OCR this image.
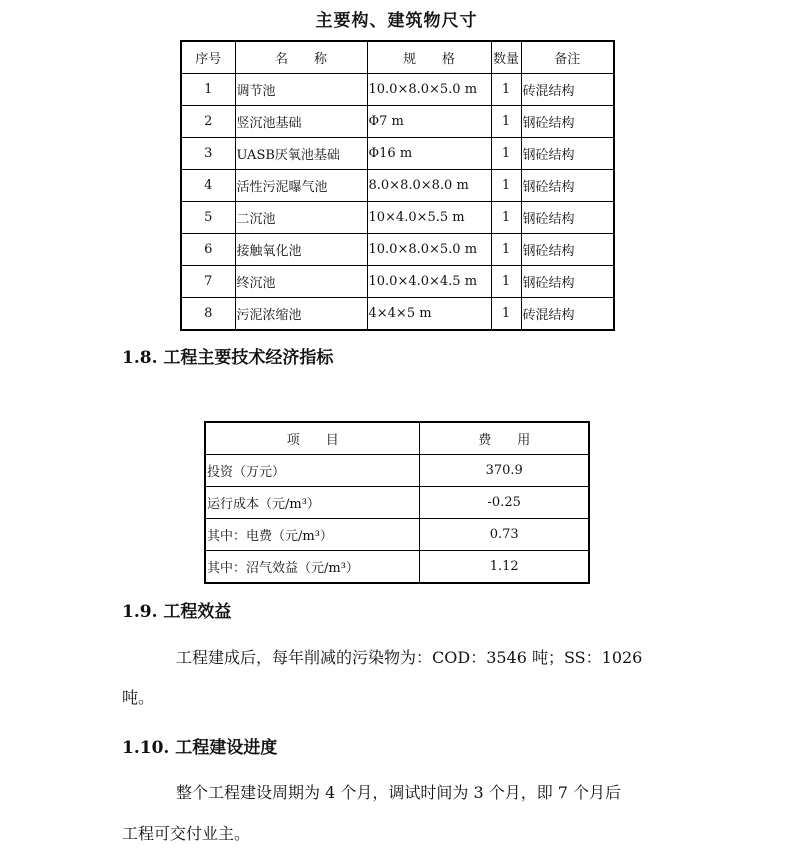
主要构、建筑物尺寸
序号	名　　称	规　　格	数量	备注
1	调节池	10.0×8.0×5.0 m	1	砖混结构
2	竖沉池基础	Φ7 m	1	钢砼结构
3	UASB厌氧池基础	Φ16 m	1	钢砼结构
4	活性污泥曝气池	8.0×8.0×8.0 m	1	钢砼结构
5	二沉池	10×4.0×5.5 m	1	钢砼结构
6	接触氧化池	10.0×8.0×5.0 m	1	钢砼结构
7	终沉池	10.0×4.0×4.5 m	1	钢砼结构
8	污泥浓缩池	4×4×5 m	1	砖混结构
1.8. 工程主要技术经济指标
项　　目	费　　用
投资（万元）	370.9
运行成本（元/m³）	-0.25
其中：电费（元/m³）	0.73
其中：沼气效益（元/m³）	1.12
1.9. 工程效益
工程建成后，每年削减的污染物为：COD：3546 吨；SS：1026
吨。
1.10. 工程建设进度
整个工程建设周期为 4 个月，调试时间为 3 个月，即 7 个月后
工程可交付业主。
